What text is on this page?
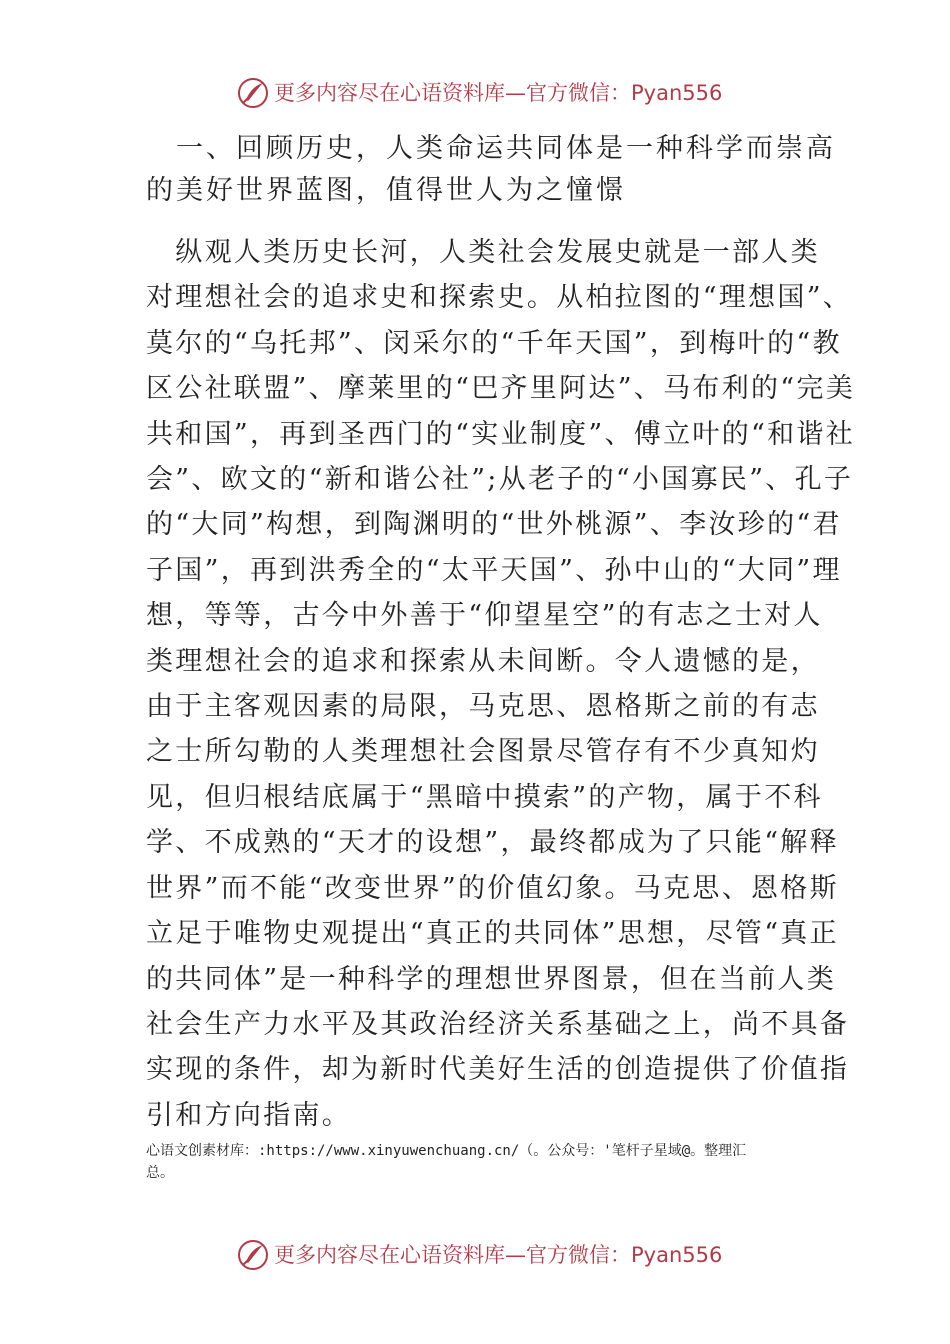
更多内容尽在心语资料库—官方微信：Pyan556

　一、回顾历史，人类命运共同体是一种科学而崇高

的美好世界蓝图，值得世人为之憧憬

　纵观人类历史长河，人类社会发展史就是一部人类

对理想社会的追求史和探索史。从柏拉图的“理想国”、

莫尔的“乌托邦”、闵采尔的“千年天国”，到梅叶的“教

区公社联盟”、摩莱里的“巴齐里阿达”、马布利的“完美

共和国”，再到圣西门的“实业制度”、傅立叶的“和谐社

会”、欧文的“新和谐公社”;从老子的“小国寡民”、孔子

的“大同”构想，到陶渊明的“世外桃源”、李汝珍的“君

子国”，再到洪秀全的“太平天国”、孙中山的“大同”理

想，等等，古今中外善于“仰望星空”的有志之士对人

类理想社会的追求和探索从未间断。令人遗憾的是，

由于主客观因素的局限，马克思、恩格斯之前的有志

之士所勾勒的人类理想社会图景尽管存有不少真知灼

见，但归根结底属于“黑暗中摸索”的产物，属于不科

学、不成熟的“天才的设想”，最终都成为了只能“解释

世界”而不能“改变世界”的价值幻象。马克思、恩格斯

立足于唯物史观提出“真正的共同体”思想，尽管“真正

的共同体”是一种科学的理想世界图景，但在当前人类

社会生产力水平及其政治经济关系基础之上，尚不具备

实现的条件，却为新时代美好生活的创造提供了价值指

引和方向指南。

心语文创素材库：:https://www.xinyuwenchuang.cn/（。公众号：'笔杆子星域@。整理汇

总。

更多内容尽在心语资料库—官方微信：Pyan556
